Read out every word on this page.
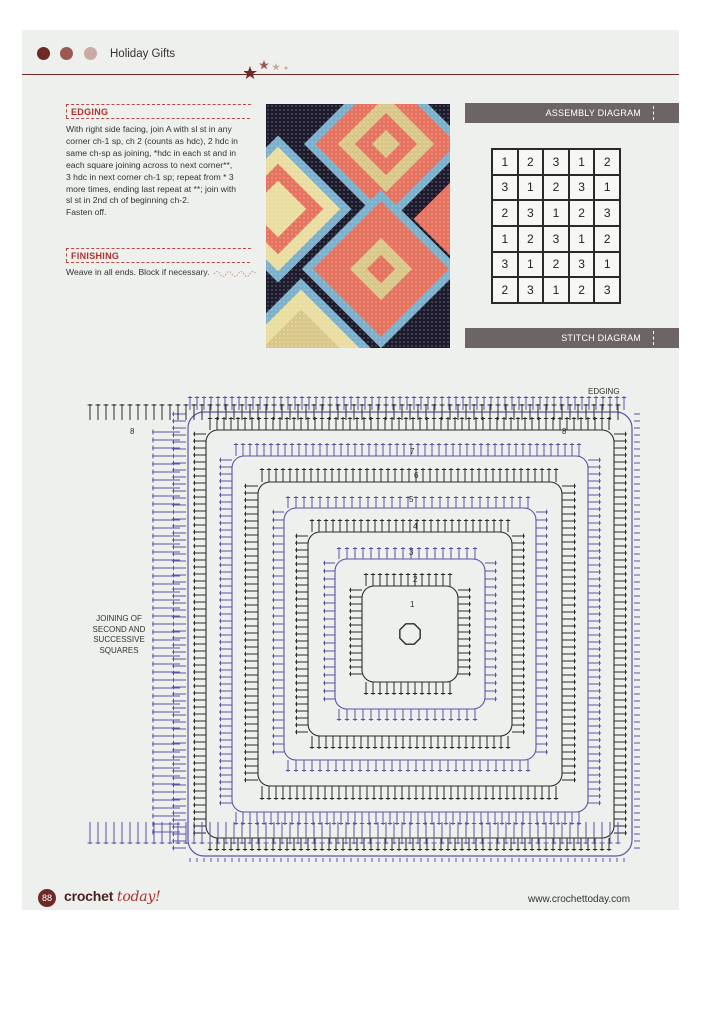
Holiday Gifts
EDGING
With right side facing, join A with sl st in any
corner ch-1 sp, ch 2 (counts as hdc), 2 hdc in
same ch-sp as joining, *hdc in each st and in
each square joining across to next corner**,
3 hdc in next corner ch-1 sp; repeat from * 3
more times, ending last repeat at **; join with
sl st in 2nd ch of beginning ch-2.
Fasten off.
FINISHING
Weave in all ends. Block if necessary.
ASSEMBLY DIAGRAM
1	2	3	1	2
3	1	2	3	1
2	3	1	2	3
1	2	3	1	2
3	1	2	3	1
2	3	1	2	3
STITCH DIAGRAM
EDGING
JOINING OF SECOND AND SUCCESSIVE SQUARES
1
2
3
4
5
6
7
8	8
88 crochet today!	www.crochettoday.com
